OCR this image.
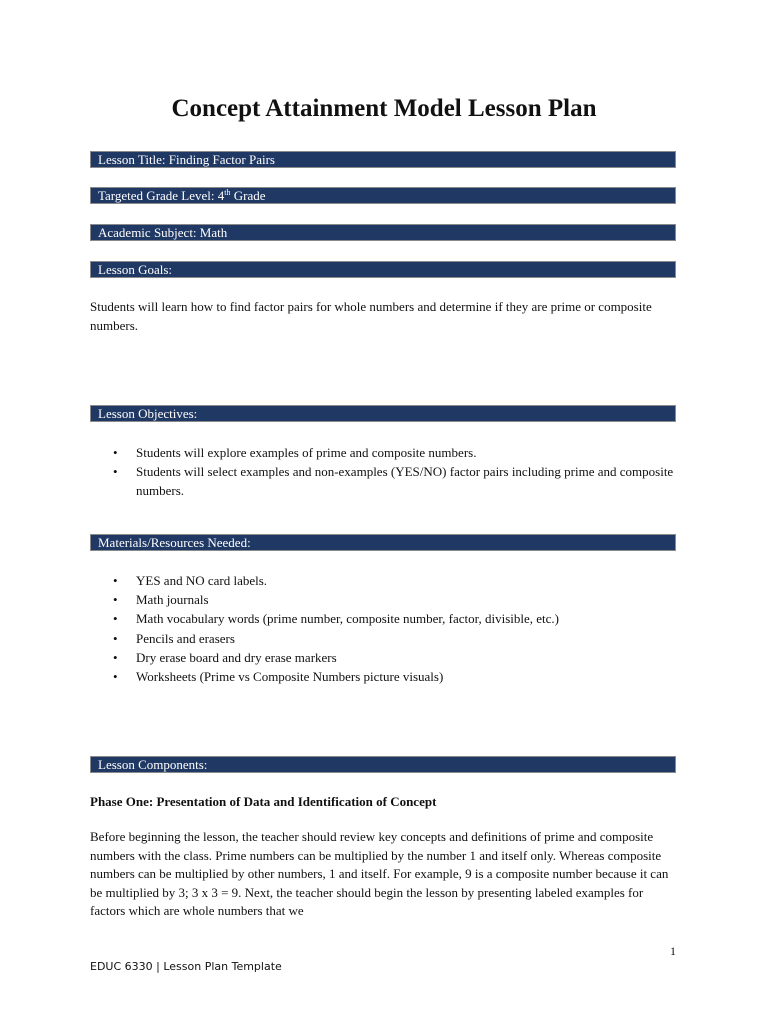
Concept Attainment Model Lesson Plan
Lesson Title: Finding Factor Pairs
Targeted Grade Level: 4th Grade
Academic Subject: Math
Lesson Goals:

Students will learn how to find factor pairs for whole numbers and determine if they are prime or composite numbers.

Lesson Objectives:
• Students will explore examples of prime and composite numbers.
• Students will select examples and non-examples (YES/NO) factor pairs including prime and composite numbers.
Materials/Resources Needed:
• YES and NO card labels.
• Math journals
• Math vocabulary words (prime number, composite number, factor, divisible, etc.)
• Pencils and erasers
• Dry erase board and dry erase markers
• Worksheets (Prime vs Composite Numbers picture visuals)
Lesson Components:

Phase One: Presentation of Data and Identification of Concept

Before beginning the lesson, the teacher should review key concepts and definitions of prime and composite numbers with the class. Prime numbers can be multiplied by the number 1 and itself only. Whereas composite numbers can be multiplied by other numbers, 1 and itself. For example, 9 is a composite number because it can be multiplied by 3; 3 x 3 = 9. Next, the teacher should begin the lesson by presenting labeled examples for factors which are whole numbers that we

1
EDUC 6330 | Lesson Plan Template
